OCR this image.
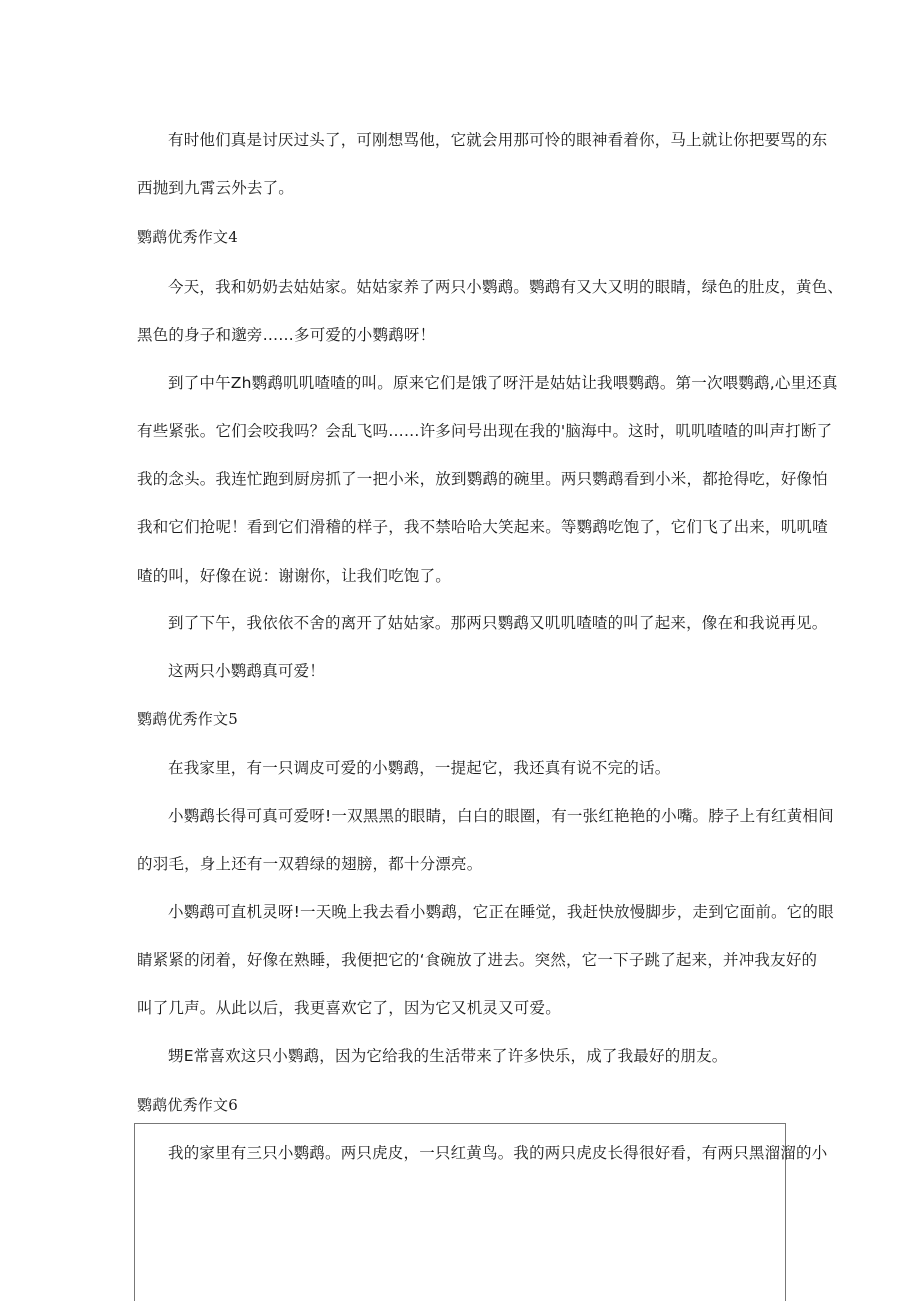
有时他们真是讨厌过头了，可刚想骂他，它就会用那可怜的眼神看着你，马上就让你把要骂的东
西抛到九霄云外去了。
鹦鹉优秀作文4
今天，我和奶奶去姑姑家。姑姑家养了两只小鹦鹉。鹦鹉有又大又明的眼睛，绿色的肚皮，黄色、
黑色的身子和邈旁……多可爱的小鹦鹉呀！
到了中午Zh鹦鹉叽叽喳喳的叫。原来它们是饿了呀汗是姑姑让我喂鹦鹉。第一次喂鹦鹉,心里还真
有些紧张。它们会咬我吗？会乱飞吗……许多问号出现在我的'脑海中。这时，叽叽喳喳的叫声打断了
我的念头。我连忙跑到厨房抓了一把小米，放到鹦鹉的碗里。两只鹦鹉看到小米，都抢得吃，好像怕
我和它们抢呢！看到它们滑稽的样子，我不禁哈哈大笑起来。等鹦鹉吃饱了，它们飞了出来，叽叽喳
喳的叫，好像在说：谢谢你，让我们吃饱了。
到了下午，我依依不舍的离开了姑姑家。那两只鹦鹉又叽叽喳喳的叫了起来，像在和我说再见。
这两只小鹦鹉真可爱！
鹦鹉优秀作文5
在我家里，有一只调皮可爱的小鹦鹉，一提起它，我还真有说不完的话。
小鹦鹉长得可真可爱呀!一双黑黑的眼睛，白白的眼圈，有一张红艳艳的小嘴。脖子上有红黄相间
的羽毛，身上还有一双碧绿的翅膀，都十分漂亮。
小鹦鹉可直机灵呀!一天晚上我去看小鹦鹉，它正在睡觉，我赶快放慢脚步，走到它面前。它的眼
睛紧紧的闭着，好像在熟睡，我便把它的‘食碗放了进去。突然，它一下子跳了起来，并冲我友好的
叫了几声。从此以后，我更喜欢它了，因为它又机灵又可爱。
甥E常喜欢这只小鹦鹉，因为它给我的生活带来了许多快乐，成了我最好的朋友。
鹦鹉优秀作文6
我的家里有三只小鹦鹉。两只虎皮，一只红黄鸟。我的两只虎皮长得很好看，有两只黑溜溜的小
